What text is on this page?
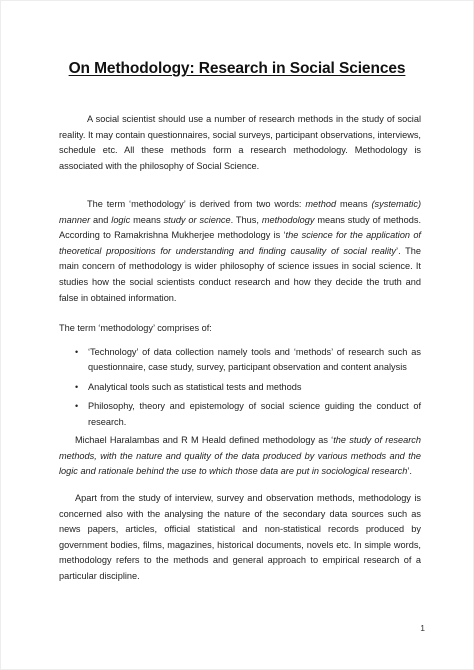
On Methodology: Research in Social Sciences

A social scientist should use a number of research methods in the study of social reality. It may contain questionnaires, social surveys, participant observations, interviews, schedule etc. All these methods form a research methodology. Methodology is associated with the philosophy of Social Science.

The term ‘methodology’ is derived from two words: method means (systematic) manner and logic means study or science. Thus, methodology means study of methods. According to Ramakrishna Mukherjee methodology is ‘the science for the application of theoretical propositions for understanding and finding causality of social reality’. The main concern of methodology is wider philosophy of science issues in social science. It studies how the social scientists conduct research and how they decide the truth and false in obtained information.

The term ‘methodology’ comprises of:

• ‘Technology’ of data collection namely tools and ‘methods’ of research such as questionnaire, case study, survey, participant observation and content analysis
• Analytical tools such as statistical tests and methods
• Philosophy, theory and epistemology of social science guiding the conduct of research.

Michael Haralambas and R M Heald defined methodology as ‘the study of research methods, with the nature and quality of the data produced by various methods and the logic and rationale behind the use to which those data are put in sociological research’.

Apart from the study of interview, survey and observation methods, methodology is concerned also with the analysing the nature of the secondary data sources such as news papers, articles, official statistical and non-statistical records produced by government bodies, films, magazines, historical documents, novels etc. In simple words, methodology refers to the methods and general approach to empirical research of a particular discipline.

1
